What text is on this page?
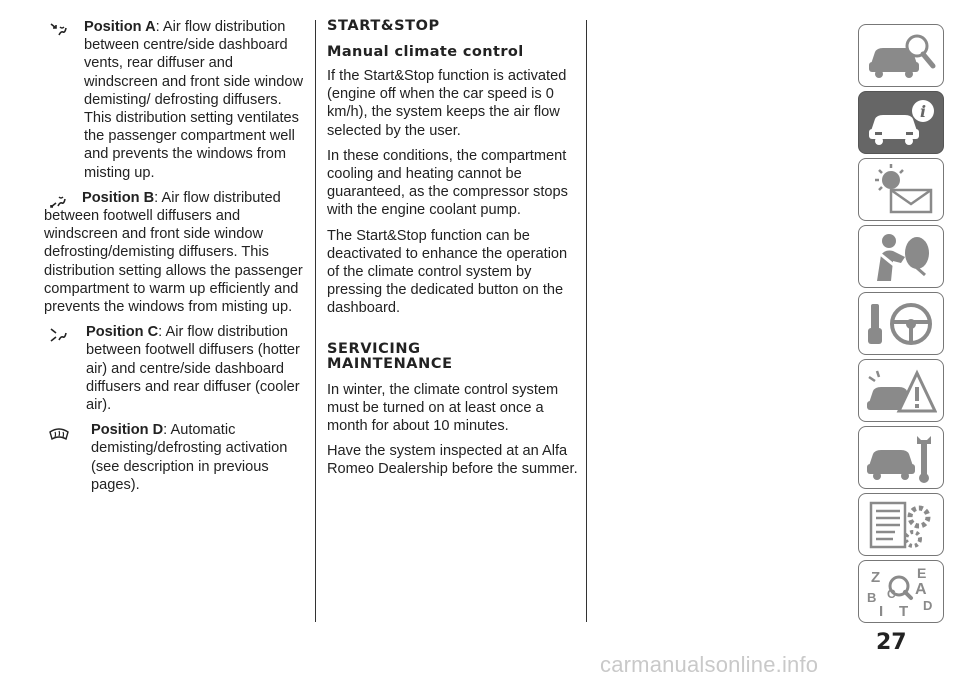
Position A: Air flow distribution between centre/side dashboard vents, rear diffuser and windscreen and front side window demisting/ defrosting diffusers. This distribution setting ventilates the passenger compartment well and prevents the windows from misting up.
Position B: Air flow distributed
between footwell diffusers and windscreen and front side window defrosting/demisting diffusers. This distribution setting allows the passenger compartment to warm up efficiently and prevents the windows from misting up.
Position C: Air flow distribution between footwell diffusers (hotter air) and centre/side dashboard diffusers and rear diffuser (cooler air).
Position D: Automatic demisting/defrosting activation (see description in previous pages).
START&STOP
Manual climate control

If the Start&Stop function is activated (engine off when the car speed is 0 km/h), the system keeps the air flow selected by the user.

In these conditions, the compartment cooling and heating cannot be guaranteed, as the compressor stops with the engine coolant pump.

The Start&Stop function can be deactivated to enhance the operation of the climate control system by pressing the dedicated button on the dashboard.

SERVICING
MAINTENANCE

In winter, the climate control system must be turned on at least once a month for about 10 minutes.

Have the system inspected at an Alfa Romeo Dealership before the summer.

i
Z	E
A
B C
I T D
27
carmanualsonline.info
